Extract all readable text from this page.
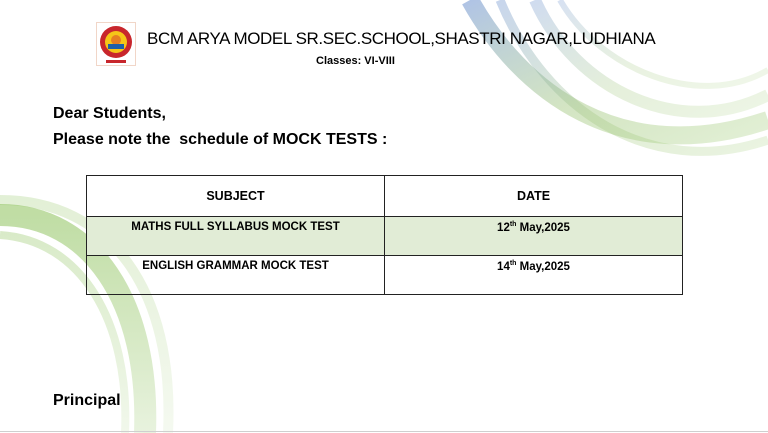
BCM ARYA MODEL SR.SEC.SCHOOL,SHASTRI NAGAR,LUDHIANA
Classes: VI-VIII
Dear Students,
Please note the  schedule of MOCK TESTS :
SUBJECT	DATE
MATHS FULL SYLLABUS MOCK TEST	12th May,2025
ENGLISH GRAMMAR MOCK TEST	14th May,2025
Principal
